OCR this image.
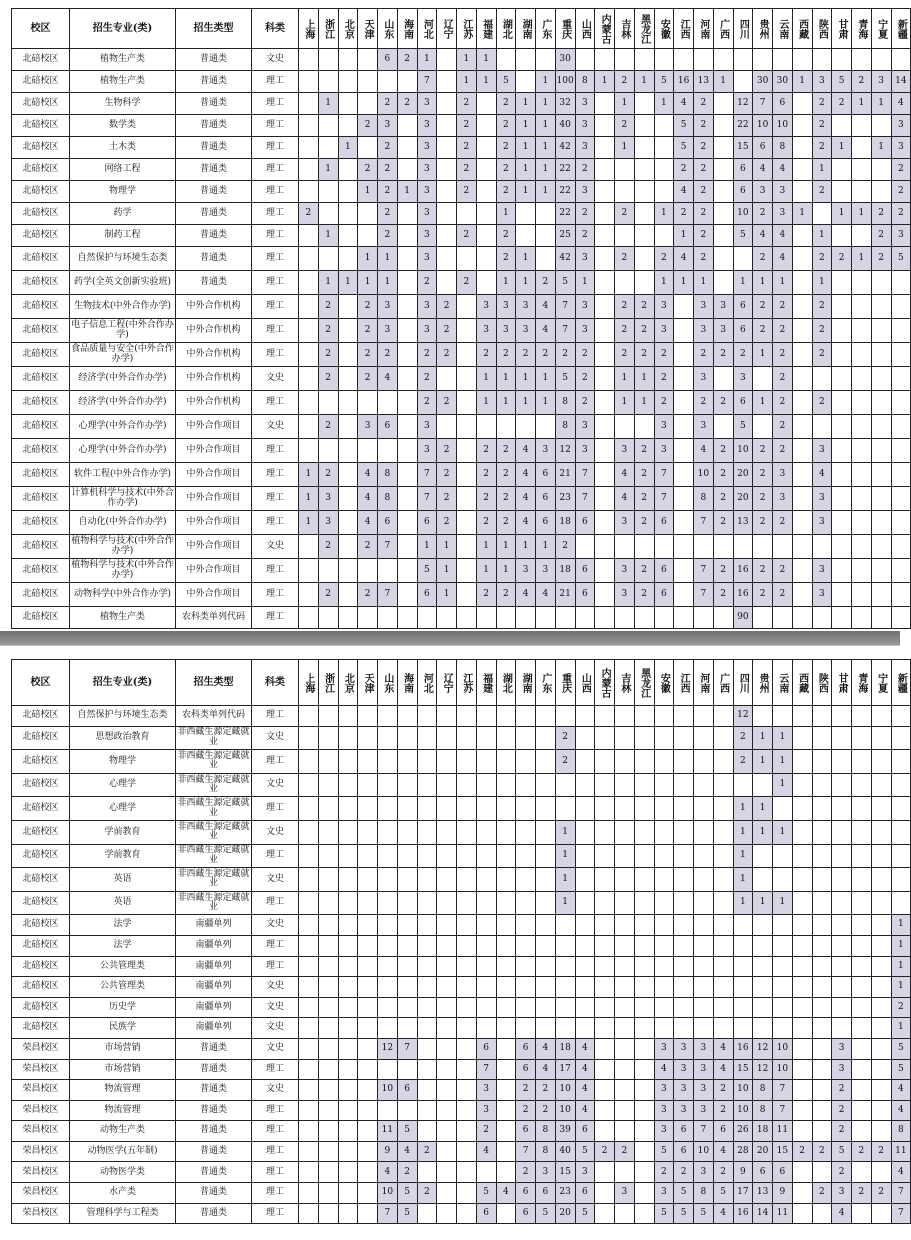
校区	招生专业(类)	招生类型	科类	上海	浙江	北京	天津	山东	海南	河北	辽宁	江苏	福建	湖北	湖南	广东	重庆	山西	内蒙古	吉林	黑龙江	安徽	江西	河南	广西	四川	贵州	云南	西藏	陕西	甘肃	青海	宁夏	新疆
北碚校区	植物生产类	普通类	文史					6	2	1		1	1				30																	
北碚校区	植物生产类	普通类	理工							7		1	1	5		1	100	8	1	2	1	5	16	13	1		30	30	1	3	5	2	3	14
北碚校区	生物科学	普通类	理工		1			2	2	3		2		2	1	1	32	3		1		1	4	2		12	7	6		2	2	1	1	4
北碚校区	数学类	普通类	理工				2	3		3		2		2	1	1	40	3		2			5	2		22	10	10		2				3
北碚校区	土木类	普通类	理工			1		2		3		2		2	1	1	42	3		1			5	2		15	6	8		2	1		1	3
北碚校区	网络工程	普通类	理工		1		2	2		3		2		2	1	1	22	2					2	2		6	4	4		1				2
北碚校区	物理学	普通类	理工				1	2	1	3		2		2	1	1	22	3					4	2		6	3	3		2				2
北碚校区	药学	普通类	理工	2				2		3				1			22	2		2		1	2	2		10	2	3	1		1	1	2	2
北碚校区	制药工程	普通类	理工		1			2		3		2		2			25	2					1	2		5	4	4		1			2	3
北碚校区	自然保护与环境生态类	普通类	理工				1	1		3				2	1		42	3		2		2	4	2			2	4		2	2	1	2	5
北碚校区	药学(全英文创新实验班)	普通类	理工		1	1	1	1		2		2		1	1	2	5	1				1	1	1		1	1	1		1				
北碚校区	生物技术(中外合作办学)	中外合作机构	理工		2		2	3		3	2		3	3	3	4	7	3		2	2	3		3	3	6	2	2		2				
北碚校区	电子信息工程(中外合作办学)	中外合作机构	理工		2		2	3		3	2		3	3	3	4	7	3		2	2	3		3	3	6	2	2		2				
北碚校区	食品质量与安全(中外合作办学)	中外合作机构	理工		2		2	2		2	2		2	2	2	2	2	2		2	2	2		2	2	2	1	2		2				
北碚校区	经济学(中外合作办学)	中外合作机构	文史		2		2	4		2			1	1	1	1	5	2		1	1	2		3		3		2						
北碚校区	经济学(中外合作办学)	中外合作机构	理工							2	2		1	1	1	1	8	2		1	1	2		2	2	6	1	2		2				
北碚校区	心理学(中外合作办学)	中外合作项目	文史		2		3	6		3							8	3				3		3		5		2						
北碚校区	心理学(中外合作办学)	中外合作项目	理工							3	2		2	2	4	3	12	3		3	2	3		4	2	10	2	2		3				
北碚校区	软件工程(中外合作办学)	中外合作项目	理工	1	2		4	8		7	2		2	2	4	6	21	7		4	2	7		10	2	20	2	3		4				
北碚校区	计算机科学与技术(中外合作办学)	中外合作项目	理工	1	3		4	8		7	2		2	2	4	6	23	7		4	2	7		8	2	20	2	3		3				
北碚校区	自动化(中外合作办学)	中外合作项目	理工	1	3		4	6		6	2		2	2	4	6	18	6		3	2	6		7	2	13	2	2		3				
北碚校区	植物科学与技术(中外合作办学)	中外合作项目	文史		2		2	7		1	1		1	1	1	1	2																	
北碚校区	植物科学与技术(中外合作办学)	中外合作项目	理工							5	1		1	1	3	3	18	6		3	2	6		7	2	16	2	2		3				
北碚校区	动物科学(中外合作办学)	中外合作项目	理工		2		2	7		6	1		2	2	4	4	21	6		3	2	6		7	2	16	2	2		3				
北碚校区	植物生产类	农科类单列代码	理工																							90								
校区	招生专业(类)	招生类型	科类	上海	浙江	北京	天津	山东	海南	河北	辽宁	江苏	福建	湖北	湖南	广东	重庆	山西	内蒙古	吉林	黑龙江	安徽	江西	河南	广西	四川	贵州	云南	西藏	陕西	甘肃	青海	宁夏	新疆
北碚校区	自然保护与环境生态类	农科类单列代码	理工																							12								
北碚校区	思想政治教育	非西藏生源定藏就业	文史														2									2	1	1						
北碚校区	物理学	非西藏生源定藏就业	理工														2									2	1	1						
北碚校区	心理学	非西藏生源定藏就业	文史																									1						
北碚校区	心理学	非西藏生源定藏就业	理工																							1	1							
北碚校区	学前教育	非西藏生源定藏就业	文史														1									1	1	1						
北碚校区	学前教育	非西藏生源定藏就业	理工														1									1								
北碚校区	英语	非西藏生源定藏就业	文史														1									1								
北碚校区	英语	非西藏生源定藏就业	理工														1									1	1	1						
北碚校区	法学	南疆单列	文史																															1
北碚校区	法学	南疆单列	理工																															1
北碚校区	公共管理类	南疆单列	理工																															1
北碚校区	公共管理类	南疆单列	文史																															1
北碚校区	历史学	南疆单列	文史																															2
北碚校区	民族学	南疆单列	文史																															1
荣昌校区	市场营销	普通类	文史					12	7				6		6	4	18	4				3	3	3	4	16	12	10			3			5
荣昌校区	市场营销	普通类	理工										7		6	4	17	4				4	3	3	4	15	12	10			3			5
荣昌校区	物流管理	普通类	文史					10	6				3		2	2	10	4				3	3	3	2	10	8	7			2			4
荣昌校区	物流管理	普通类	理工										3		2	2	10	4				3	3	3	2	10	8	7			2			4
荣昌校区	动物生产类	普通类	理工					11	5				2		6	8	39	6				3	6	7	6	26	18	11			2			8
荣昌校区	动物医学(五年制)	普通类	理工					9	4	2			4		7	8	40	5	2	2		5	6	10	4	28	20	15	2	2	5	2	2	11
荣昌校区	动物医学类	普通类	理工					4	2						2	3	15	3				2	2	3	2	9	6	6			2			4
荣昌校区	水产类	普通类	理工					10	5	2			5	4	6	6	23	6		3		3	5	8	5	17	13	9		2	3	2	2	7
荣昌校区	管理科学与工程类	普通类	理工					7	5				6		6	5	20	5				5	5	5	4	16	14	11			4			7
